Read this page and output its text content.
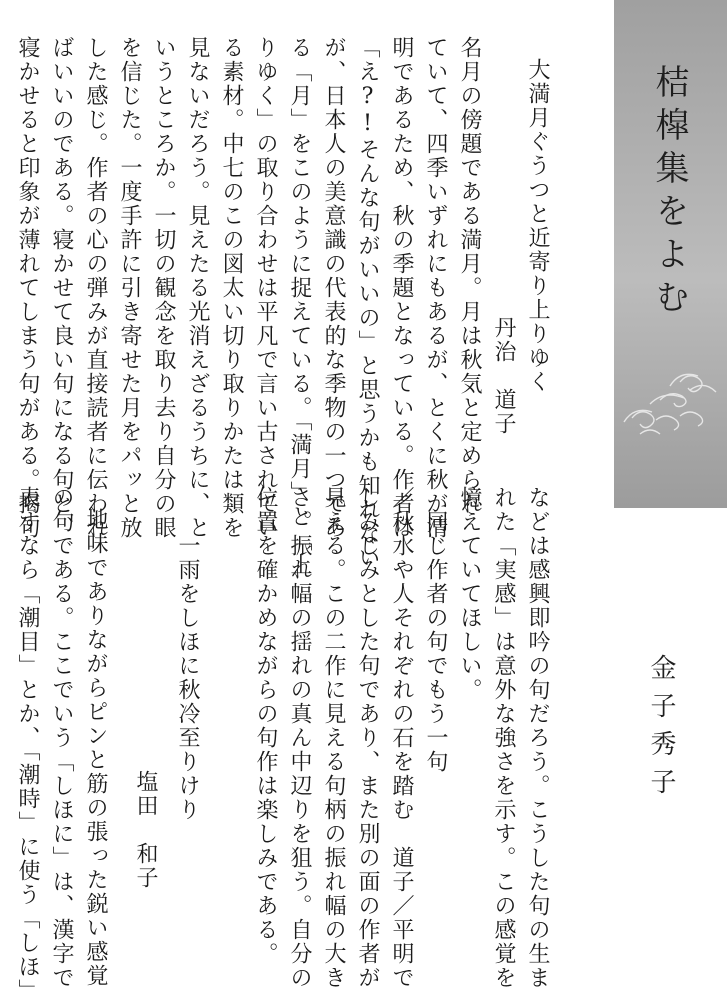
桔槹集をよむ
金子秀子
大満月ぐうつと近寄り上りゆく
丹治　道子
名月の傍題である満月。月は秋気と定められ
ていて、四季いずれにもあるが、とくに秋が清
明であるため、秋の季題となっている。作者は
「え?!そんな句がいいの」と思うかも知れない
が、日本人の美意識の代表的な季物の一つであ
る「月」をこのように捉えている。「満月」と「上
りゆく」の取り合わせは平凡で言い古されてい
る素材。中七のこの図太い切り取りかたは類を
見ないだろう。見えたる光消えざるうちに、と
いうところか。一切の観念を取り去り自分の眼
を信じた。一度手許に引き寄せた月をパッと放
した感じ。作者の心の弾みが直接読者に伝われ
ばいいのである。寝かせて良い句になる句と、
寝かせると印象が薄れてしまう句がある。揭句
などは感興即吟の句だろう。こうした句の生ま
れた「実感」は意外な強さを示す。この感覚を
憶えていてほしい。
　同じ作者の句でもう一句
／秋水や人それぞれの石を踏む　道子／平明で
しみじみとした句であり、また別の面の作者が
見える。この二作に見える句柄の振れ幅の大き
さ。振れ幅の揺れの真ん中辺りを狙う。自分の
位置を確かめながらの句作は楽しみである。
一雨をしほに秋冷至りけり
塩田　和子
地味でありながらピンと筋の張った鋭い感覚
の句である。ここでいう「しほに」は、漢字で
表すなら「潮目」とか、「潮時」に使う「しほ」
